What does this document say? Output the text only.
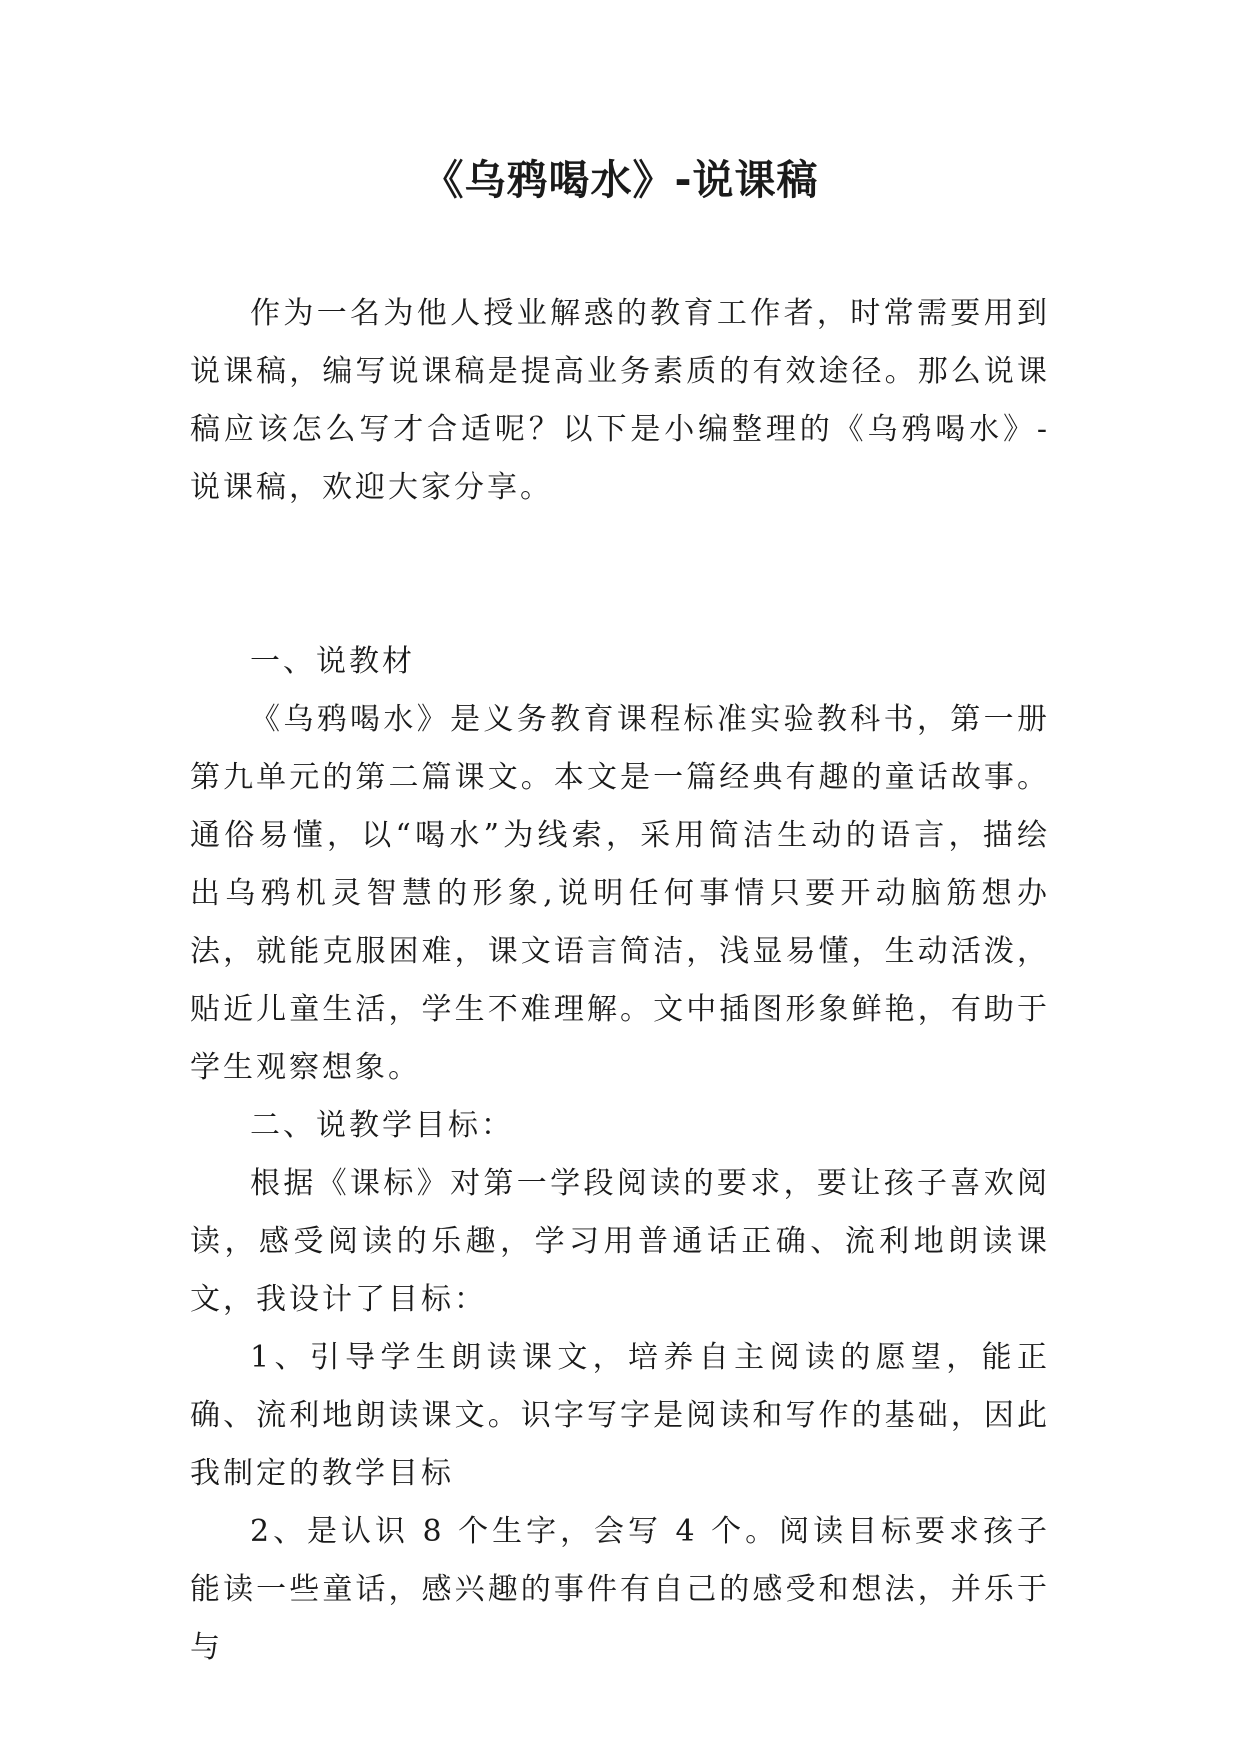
《乌鸦喝水》-说课稿

作为一名为他人授业解惑的教育工作者，时常需要用到说课稿，编写说课稿是提高业务素质的有效途径。那么说课稿应该怎么写才合适呢？以下是小编整理的《乌鸦喝水》-说课稿，欢迎大家分享。

一、说教材

《乌鸦喝水》是义务教育课程标准实验教科书，第一册第九单元的第二篇课文。本文是一篇经典有趣的童话故事。通俗易懂，以“喝水”为线索，采用简洁生动的语言，描绘出乌鸦机灵智慧的形象,说明任何事情只要开动脑筋想办法，就能克服困难，课文语言简洁，浅显易懂，生动活泼，贴近儿童生活，学生不难理解。文中插图形象鲜艳，有助于学生观察想象。

二、说教学目标：

根据《课标》对第一学段阅读的要求，要让孩子喜欢阅读，感受阅读的乐趣，学习用普通话正确、流利地朗读课文，我设计了目标：

1、引导学生朗读课文，培养自主阅读的愿望，能正确、流利地朗读课文。识字写字是阅读和写作的基础，因此我制定的教学目标

2、是认识 8 个生字，会写 4 个。阅读目标要求孩子能读一些童话，感兴趣的事件有自己的感受和想法，并乐于与
